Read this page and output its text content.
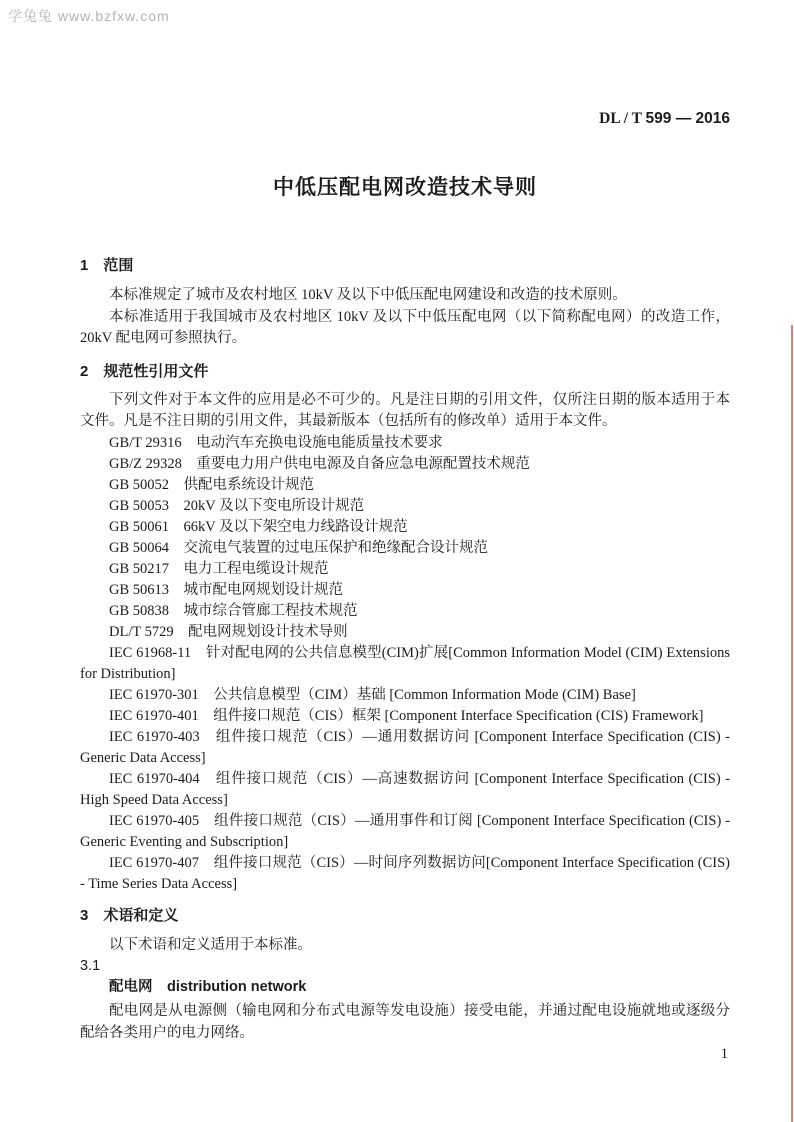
学兔兔 www.bzfxw.com
DL / T 599 — 2016
中低压配电网改造技术导则
1　范围

本标准规定了城市及农村地区 10kV 及以下中低压配电网建设和改造的技术原则。

本标准适用于我国城市及农村地区 10kV 及以下中低压配电网（以下简称配电网）的改造工作，20kV 配电网可参照执行。

2　规范性引用文件

下列文件对于本文件的应用是必不可少的。凡是注日期的引用文件，仅所注日期的版本适用于本文件。凡是不注日期的引用文件，其最新版本（包括所有的修改单）适用于本文件。

GB/T 29316　电动汽车充换电设施电能质量技术要求

GB/Z 29328　重要电力用户供电电源及自备应急电源配置技术规范

GB 50052　供配电系统设计规范

GB 50053　20kV 及以下变电所设计规范

GB 50061　66kV 及以下架空电力线路设计规范

GB 50064　交流电气装置的过电压保护和绝缘配合设计规范

GB 50217　电力工程电缆设计规范

GB 50613　城市配电网规划设计规范

GB 50838　城市综合管廊工程技术规范

DL/T 5729　配电网规划设计技术导则

IEC 61968-11　针对配电网的公共信息模型(CIM)扩展[Common Information Model (CIM) Extensions for Distribution]

IEC 61970-301　公共信息模型（CIM）基础 [Common Information Mode (CIM) Base]

IEC 61970-401　组件接口规范（CIS）框架 [Component Interface Specification (CIS) Framework]

IEC 61970-403　组件接口规范（CIS）—通用数据访问 [Component Interface Specification (CIS) - Generic Data Access]

IEC 61970-404　组件接口规范（CIS）—高速数据访问 [Component Interface Specification (CIS) - High Speed Data Access]

IEC 61970-405　组件接口规范（CIS）—通用事件和订阅 [Component Interface Specification (CIS) - Generic Eventing and Subscription]

IEC 61970-407　组件接口规范（CIS）—时间序列数据访问[Component Interface Specification (CIS) - Time Series Data Access]

3　术语和定义

以下术语和定义适用于本标准。

3.1

配电网　distribution network

配电网是从电源侧（输电网和分布式电源等发电设施）接受电能，并通过配电设施就地或逐级分配给各类用户的电力网络。

1
